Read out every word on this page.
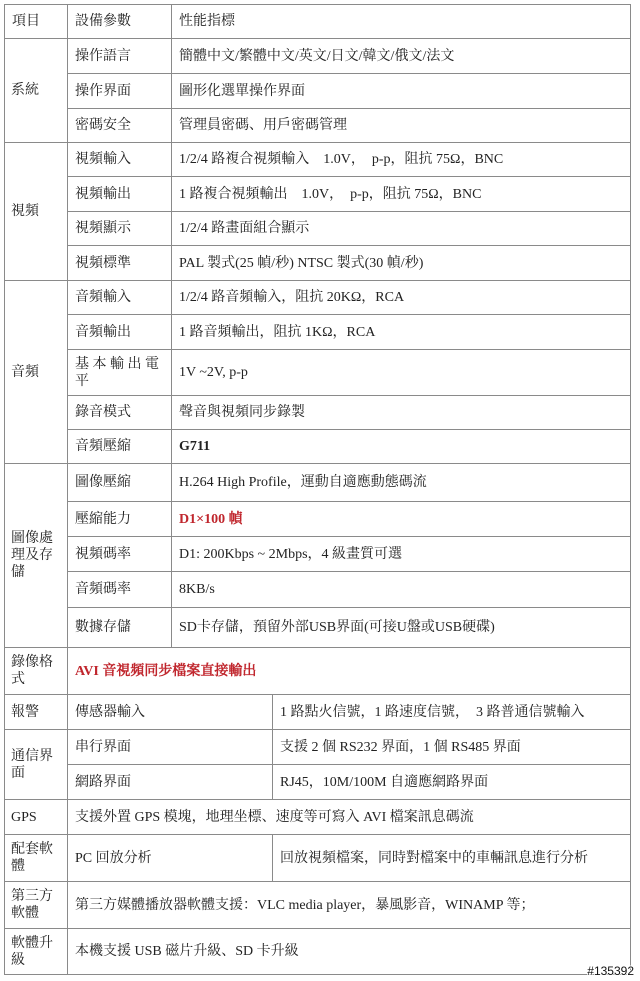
項目	設備參數	性能指標	
系統	操作語言	簡體中文/繁體中文/英文/日文/韓文/俄文/法文	
	操作界面	圖形化選單操作界面	
	密碼安全	管理員密碼、用戶密碼管理	
視頻	視頻輸入	1/2/4 路複合視頻輸入　1.0V，　p-p，阻抗 75Ω，BNC	
	視頻輸出	1 路複合視頻輸出　1.0V，　p-p，阻抗 75Ω，BNC	
	視頻顯示	1/2/4 路畫面組合顯示	
	視頻標準	PAL 製式(25 幀/秒) NTSC 製式(30 幀/秒)	
音頻	音頻輸入	1/2/4 路音頻輸入，阻抗 20KΩ，RCA	
	音頻輸出	1 路音頻輸出，阻抗 1KΩ，RCA	
	基 本 輸 出 電 平	1V ~2V, p-p	
	錄音模式	聲音與視頻同步錄製	
	音頻壓縮	G711	
圖像處理及存儲	圖像壓縮	H.264 High Profile，運動自適應動態碼流	
	壓縮能力	D1×100 幀	
	視頻碼率	D1: 200Kbps ~ 2Mbps，4 級畫質可選	
	音頻碼率	8KB/s	
	數據存儲	SD卡存儲，預留外部USB界面(可接U盤或USB硬碟)	
錄像格式	AVI 音視頻同步檔案直接輸出		
報警	傳感器輸入		1 路點火信號，1 路速度信號，　3 路普通信號輸入
通信界面	串行界面		支援 2 個 RS232 界面，1 個 RS485 界面
	網路界面		RJ45，10M/100M 自適應網路界面
GPS	支援外置 GPS 模塊，地理坐標、速度等可寫入 AVI 檔案訊息碼流		
配套軟體	PC 回放分析		回放視頻檔案，同時對檔案中的車輛訊息進行分析
第三方軟體	第三方媒體播放器軟體支援：VLC media player，暴風影音，WINAMP 等；		
軟體升級	本機支援 USB 磁片升級、SD 卡升級		
#135392
